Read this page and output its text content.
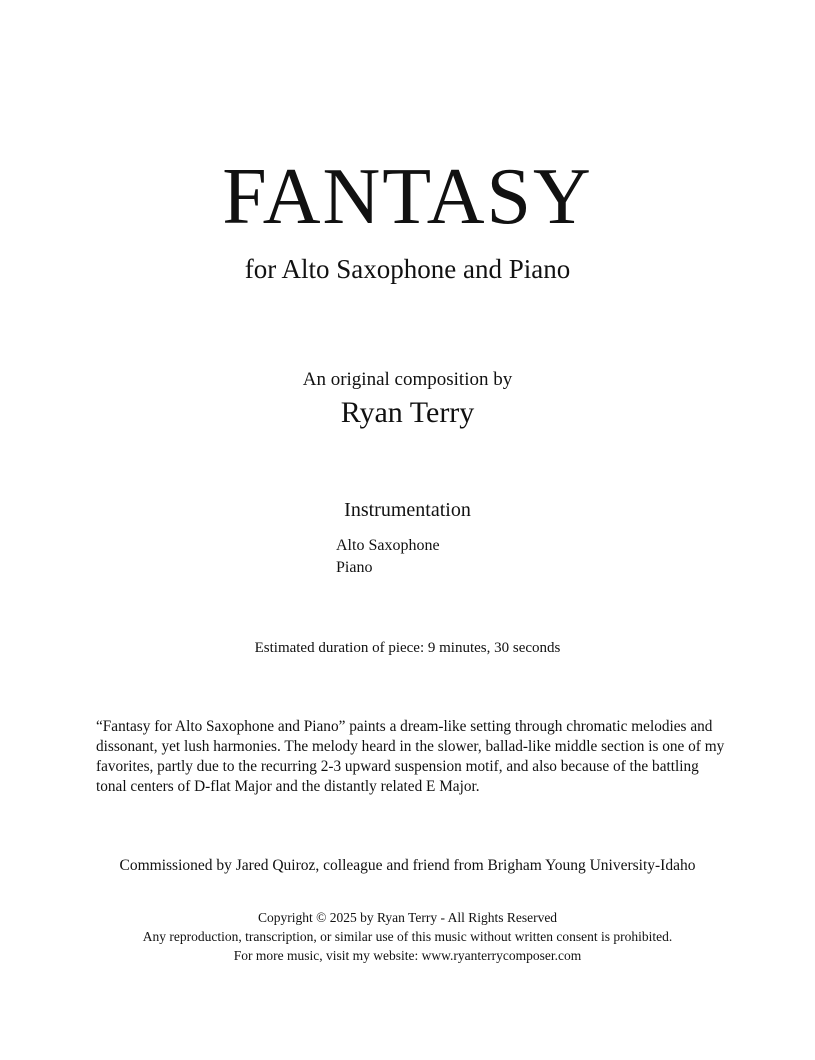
FANTASY
for Alto Saxophone and Piano
An original composition by
Ryan Terry
Instrumentation
Alto Saxophone
Piano
Estimated duration of piece: 9 minutes, 30 seconds

“Fantasy for Alto Saxophone and Piano” paints a dream-like setting through chromatic melodies and dissonant, yet lush harmonies. The melody heard in the slower, ballad-like middle section is one of my favorites, partly due to the recurring 2-3 upward suspension motif, and also because of the battling tonal centers of D-flat Major and the distantly related E Major.

Commissioned by Jared Quiroz, colleague and friend from Brigham Young University-Idaho
Copyright © 2025 by Ryan Terry - All Rights Reserved
Any reproduction, transcription, or similar use of this music without written consent is prohibited.
For more music, visit my website: www.ryanterrycomposer.com
